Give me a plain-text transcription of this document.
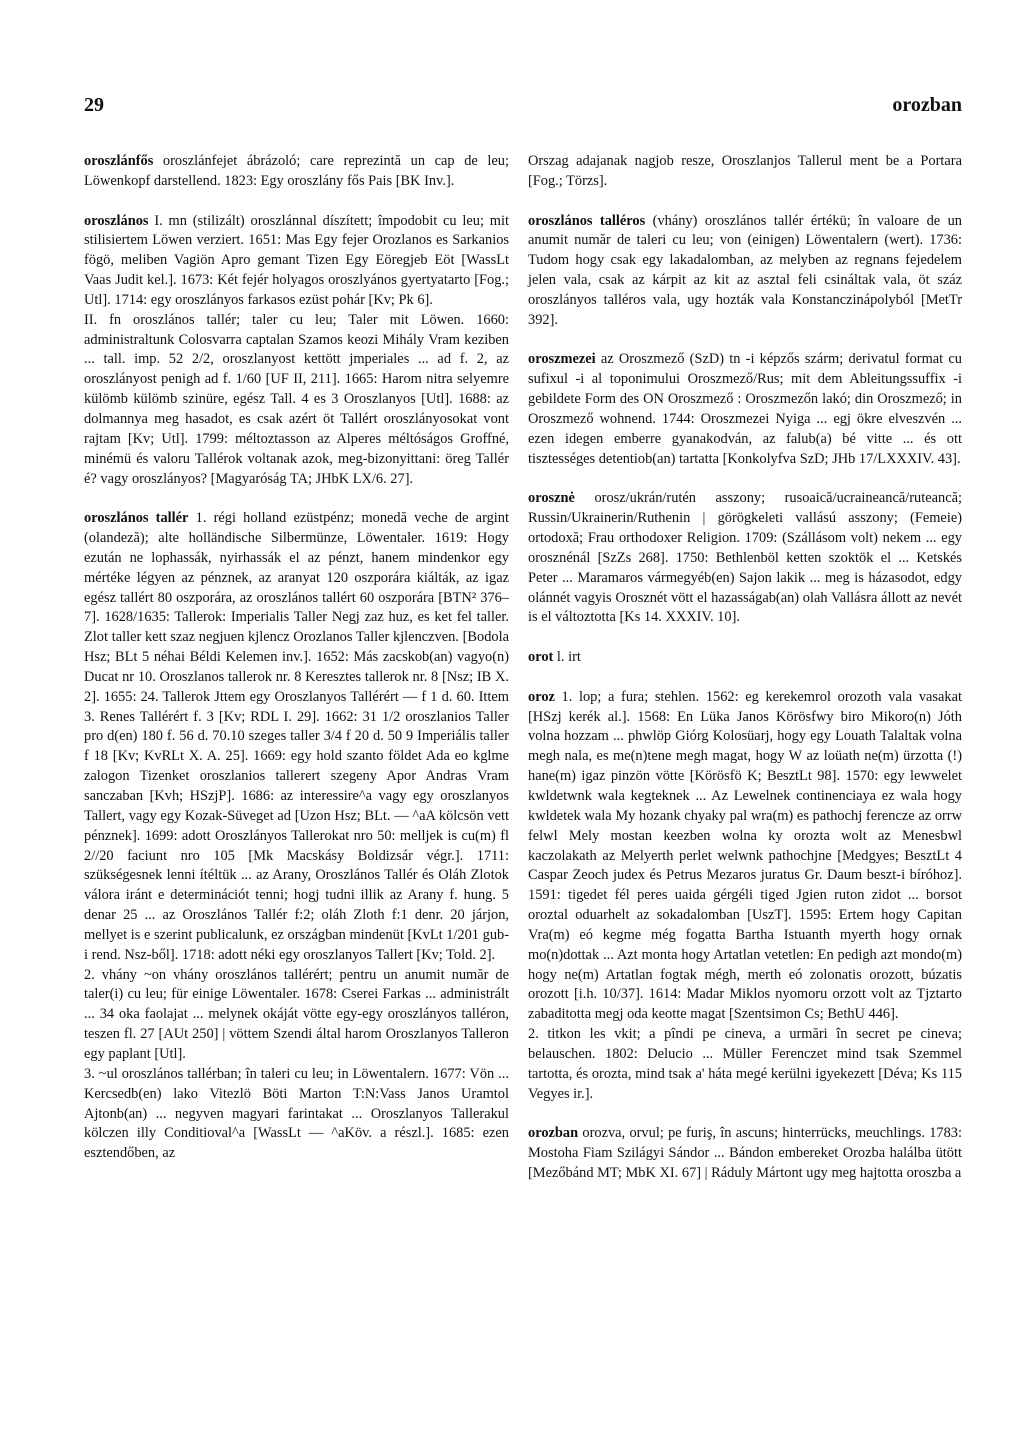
29	orozban

oroszlánfős oroszlánfejet ábrázoló; care reprezintă un cap de leu; Löwenkopf darstellend. 1823: Egy oroszlány fős Pais [BK Inv.].

oroszlános I. mn (stilizált) oroszlánnal díszített; împodobit cu leu; mit stilisiertem Löwen verziert. 1651: Mas Egy fejer Orozlanos es Sarkanios fögö, meliben Vagiön Apro gemant Tizen Egy Eöregjeb Eöt [WassLt Vaas Judit kel.]. 1673: Két fejér holyagos oroszlyános gyertyatarto [Fog.; Utl]. 1714: egy oroszlányos farkasos ezüst pohár [Kv; Pk 6].

II. fn oroszlános tallér; taler cu leu; Taler mit Löwen. 1660: administraltunk Colosvarra captalan Szamos keozi Mihály Vram keziben ... tall. imp. 52 2/2, oroszlanyost kettött jmperiales ... ad f. 2, az oroszlányost penigh ad f. 1/60 [UF II, 211]. 1665: Harom nitra selyemre külömb külömb szinüre, egész Tall. 4 es 3 Oroszlanyos [Utl]. 1688: az dolmannya meg hasadot, es csak azért öt Tallért oroszlányosokat vont rajtam [Kv; Utl]. 1799: méltoztasson az Alperes méltóságos Groffné, minémü és valoru Tallérok voltanak azok, meg-bizonyittani: öreg Tallér é? vagy oroszlányos? [Magyaróság TA; JHbK LX/6. 27].

oroszlános tallér 1. régi holland ezüstpénz; monedă veche de argint (olandeză); alte holländische Silbermünze, Löwentaler. 1619: Hogy ezután ne lophassák, nyirhassák el az pénzt, hanem mindenkor egy mértéke légyen az pénznek, az aranyat 120 oszporára kiálták, az igaz egész tallért 80 oszporára, az oroszlános tallért 60 oszporára [BTN² 376–7]. 1628/1635: Tallerok: Imperialis Taller Negj zaz huz, es ket fel taller. Zlot taller kett szaz negjuen kjlencz Orozlanos Taller kjlenczven. [Bodola Hsz; BLt 5 néhai Béldi Kelemen inv.]. 1652: Más zacskob(an) vagyo(n) Ducat nr 10. Oroszlanos tallerok nr. 8 Keresztes tallerok nr. 8 [Nsz; IB X. 2]. 1655: 24. Tallerok Jttem egy Oroszlanyos Tallérért — f 1 d. 60. Ittem 3. Renes Tallérért f. 3 [Kv; RDL I. 29]. 1662: 31 1/2 oroszlanios Taller pro d(en) 180 f. 56 d. 70.10 szeges taller 3/4 f 20 d. 50 9 Imperiális taller f 18 [Kv; KvRLt X. A. 25]. 1669: egy hold szanto földet Ada eo kglme zalogon Tizenket oroszlanios tallerert szegeny Apor Andras Vram sanczaban [Kvh; HSzjP]. 1686: az interessire^a vagy egy oroszlanyos Tallert, vagy egy Kozak-Süveget ad [Uzon Hsz; BLt. — ^aA kölcsön vett pénznek]. 1699: adott Oroszlányos Tallerokat nro 50: melljek is cu(m) fl 2//20 faciunt nro 105 [Mk Macskásy Boldizsár végr.]. 1711: szükségesnek lenni ítéltük ... az Arany, Oroszlános Tallér és Oláh Zlotok válora iránt e determinációt tenni; hogj tudni illik az Arany f. hung. 5 denar 25 ... az Oroszlános Tallér f:2; oláh Zloth f:1 denr. 20 járjon, mellyet is e szerint publicalunk, ez országban mindenüt [KvLt 1/201 gub-i rend. Nsz-ből]. 1718: adott néki egy oroszlanyos Tallert [Kv; Told. 2].

2. vhány ~on vhány oroszlános tallérért; pentru un anumit număr de taler(i) cu leu; für einige Löwentaler. 1678: Cserei Farkas ... administrált ... 34 oka faolajat ... melynek okáját vötte egy-egy oroszlányos talléron, teszen fl. 27 [AUt 250] | vöttem Szendi által harom Oroszlanyos Talleron egy paplant [Utl].

3. ~ul oroszlános tallérban; în taleri cu leu; in Löwentalern. 1677: Vön ... Kercsedb(en) lako Vitezlö Böti Marton T:N:Vass Janos Uramtol Ajtonb(an) ... negyven magyari farintakat ... Oroszlanyos Tallerakul kölczen illy Conditioval^a [WassLt — ^aKöv. a részl.]. 1685: ezen esztendőben, az

Orszag adajanak nagjob resze, Oroszlanjos Tallerul ment be a Portara [Fog.; Törzs].

oroszlános talléros (vhány) oroszlános tallér értékü; în valoare de un anumit număr de taleri cu leu; von (einigen) Löwentalern (wert). 1736: Tudom hogy csak egy lakadalomban, az melyben az regnans fejedelem jelen vala, csak az kárpit az kit az asztal feli csináltak vala, öt száz oroszlányos talléros vala, ugy hozták vala Konstanczinápolyból [MetTr 392].

oroszmezei az Oroszmező (SzD) tn -i képzős szárm; derivatul format cu sufixul -i al toponimului Oroszmező/Rus; mit dem Ableitungssuffix -i gebildete Form des ON Oroszmező : Oroszmezőn lakó; din Oroszmező; in Oroszmező wohnend. 1744: Oroszmezei Nyiga ... egj ökre elveszvén ... ezen idegen emberre gyanakodván, az falub(a) bé vitte ... és ott tisztességes detentiob(an) tartatta [Konkolyfva SzD; JHb 17/LXXXIV. 43].

orosznė orosz/ukrán/rutén asszony; rusoaică/ucraineancă/ruteancă; Russin/Ukrainerin/Ruthenin | görögkeleti vallású asszony; (Femeie) ortodoxă; Frau orthodoxer Religion. 1709: (Szállásom volt) nekem ... egy orosznénál [SzZs 268]. 1750: Bethlenböl ketten szoktök el ... Ketskés Peter ... Maramaros vármegyéb(en) Sajon lakik ... meg is házasodot, edgy olánnét vagyis Orosznét vött el hazasságab(an) olah Vallásra állott az nevét is el változtotta [Ks 14. XXXIV. 10].

orot l. irt

oroz 1. lop; a fura; stehlen. 1562: eg kerekemrol orozoth vala vasakat [HSzj kerék al.]. 1568: En Lüka Janos Körösfwy biro Mikoro(n) Jóth volna hozzam ... phwlöp Giórg Kolosüarj, hogy egy Louath Talaltak volna megh nala, es me(n)tene megh magat, hogy W az loüath ne(m) ürzotta (!) hane(m) igaz pinzön vötte [Körösfö K; BesztLt 98]. 1570: egy lewwelet kwldetwnk wala kegteknek ... Az Lewelnek continenciaya ez wala hogy kwldetek wala My hozank chyaky pal wra(m) es pathochj ferencze az orrw felwl Mely mostan keezben wolna ky orozta wolt az Menesbwl kaczolakath az Melyerth perlet welwnk pathochjne [Medgyes; BesztLt 4 Caspar Zeoch judex és Petrus Mezaros juratus Gr. Daum beszt-i bíróhoz]. 1591: tigedet fél peres uaida gérgéli tiged Jgien ruton zidot ... borsot oroztal oduarhelt az sokadalomban [UszT]. 1595: Ertem hogy Capitan Vra(m) eó kegme még fogatta Bartha Istuanth myerth hogy ornak mo(n)dottak ... Azt monta hogy Artatlan vetetlen: En pedigh azt mondo(m) hogy ne(m) Artatlan fogtak mégh, merth eó zolonatis orozott, búzatis orozott [i.h. 10/37]. 1614: Madar Miklos nyomoru orzott volt az Tjztarto zabaditotta megj oda keotte magat [Szentsimon Cs; BethU 446].

2. titkon les vkit; a pîndi pe cineva, a urmări în secret pe cineva; belauschen. 1802: Delucio ... Müller Ferenczet mind tsak Szemmel tartotta, és orozta, mind tsak a' háta megé kerülni igyekezett [Déva; Ks 115 Vegyes ir.].

orozban orozva, orvul; pe furiş, în ascuns; hinterrücks, meuchlings. 1783: Mostoha Fiam Szilágyi Sándor ... Bándon embereket Orozba halálba ütött [Mezőbánd MT; MbK XI. 67] | Ráduly Mártont ugy meg hajtotta oroszba a
